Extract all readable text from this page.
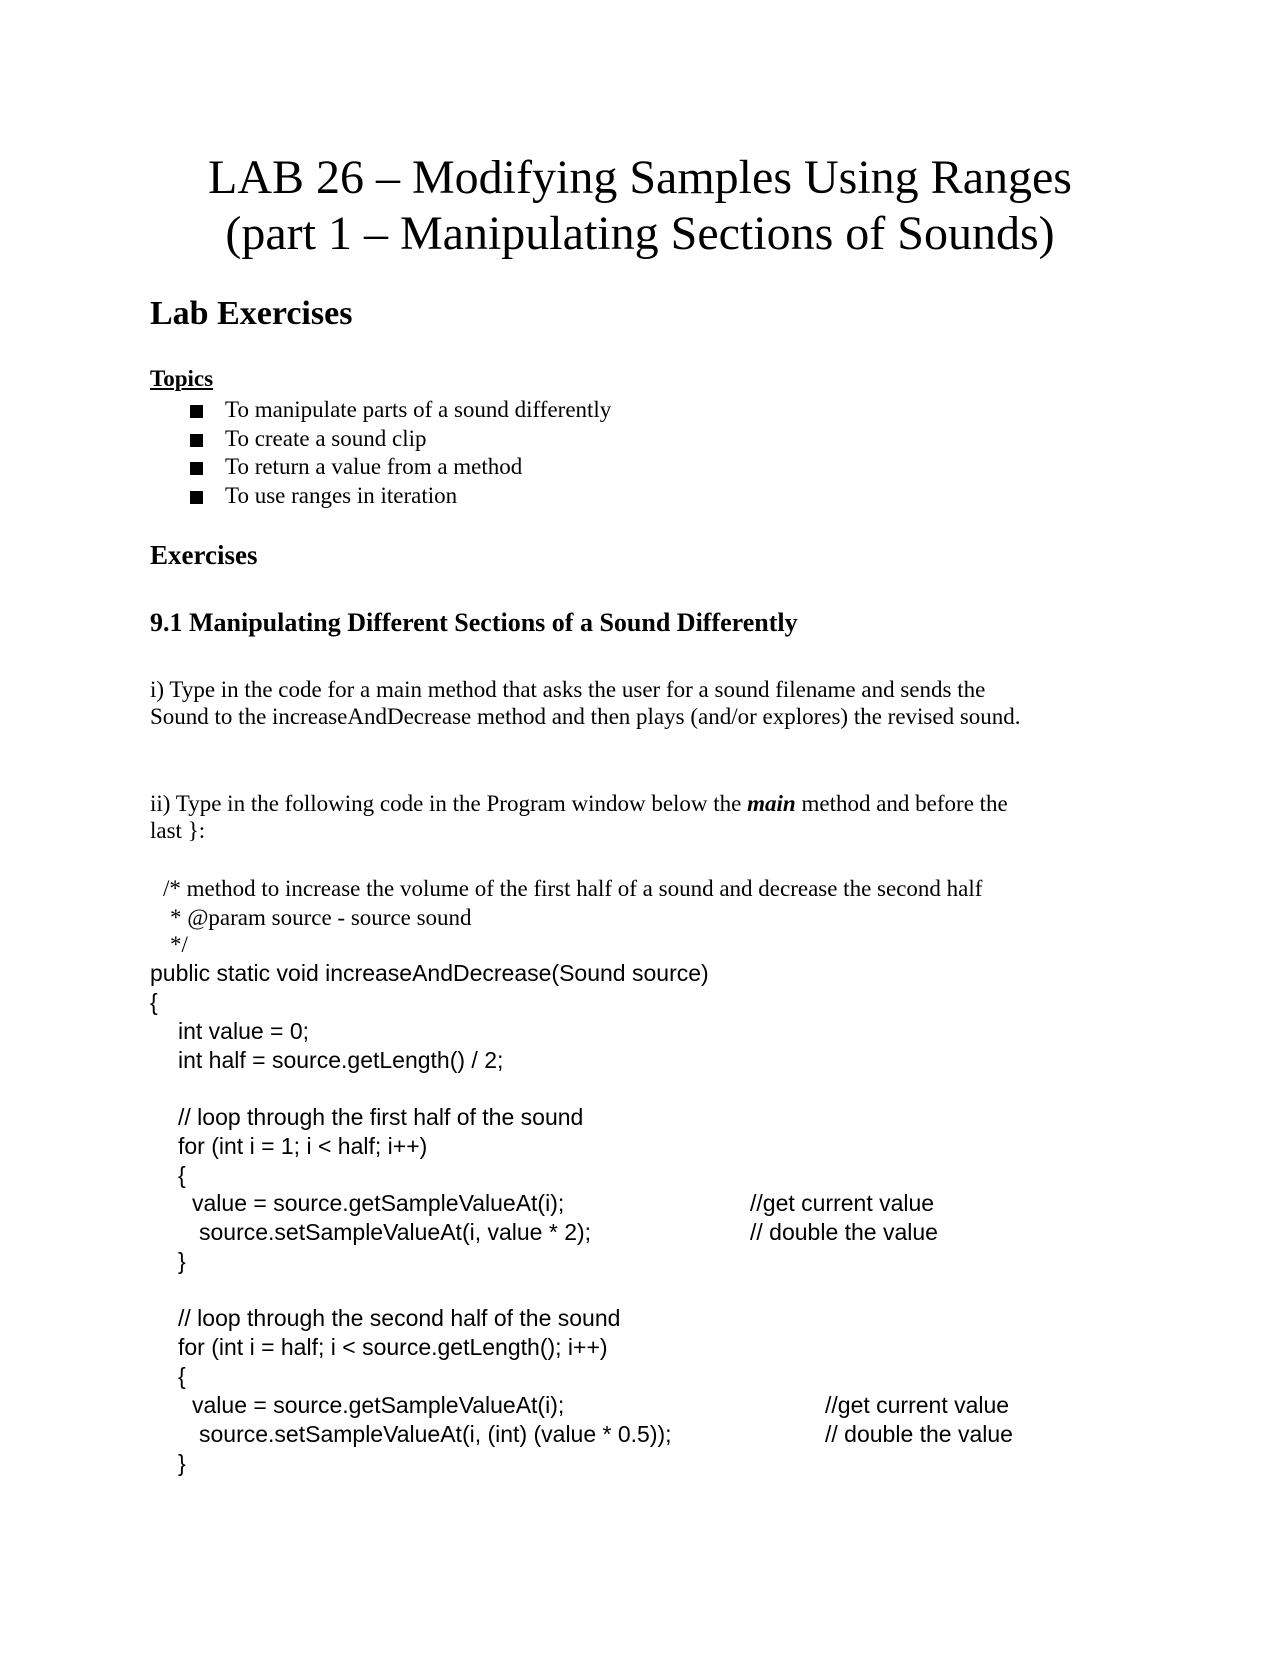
LAB 26 – Modifying Samples Using Ranges
(part 1 – Manipulating Sections of Sounds)
Lab Exercises
Topics
To manipulate parts of a sound differently
To create a sound clip
To return a value from a method
To use ranges in iteration
Exercises
9.1 Manipulating Different Sections of a Sound Differently
i) Type in the code for a main method that asks the user for a sound filename and sends the
Sound to the increaseAndDecrease method and then plays (and/or explores) the revised sound.
ii) Type in the following code in the Program window below the main method and before the
last }:
/* method to increase the volume of the first half of a sound and decrease the second half
* @param source - source sound
*/
public static void increaseAndDecrease(Sound source)
{
int value = 0;
int half = source.getLength() / 2;
// loop through the first half of the sound
for (int i = 1; i < half; i++)
{
value = source.getSampleValueAt(i);	//get current value
source.setSampleValueAt(i, value * 2);	// double the value
}
// loop through the second half of the sound
for (int i = half; i < source.getLength(); i++)
{
value = source.getSampleValueAt(i);	//get current value
source.setSampleValueAt(i, (int) (value * 0.5));	// double the value
}
